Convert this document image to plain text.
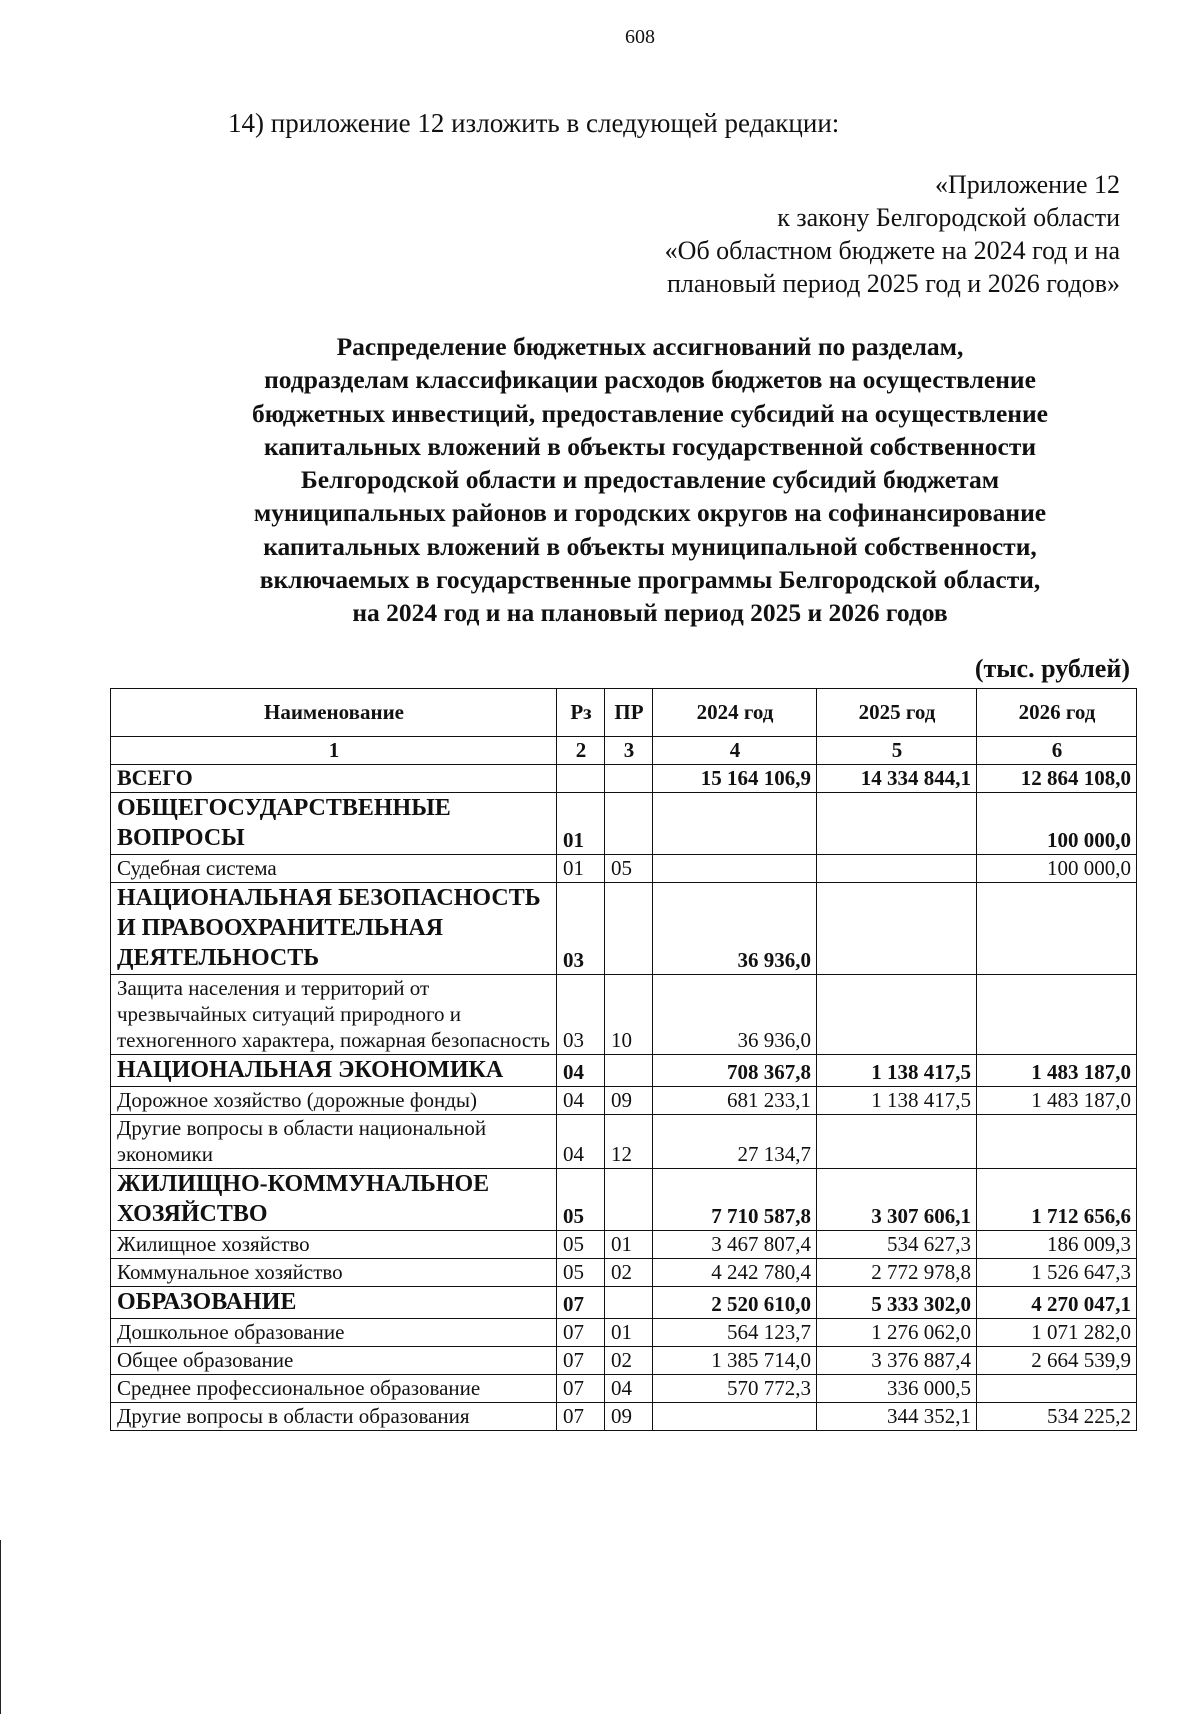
608
14) приложение 12 изложить в следующей редакции:
«Приложение 12
к закону Белгородской области
«Об областном бюджете на 2024 год и на
плановый период 2025 год и 2026 годов»
Распределение бюджетных ассигнований по разделам,
подразделам классификации расходов бюджетов на осуществление
бюджетных инвестиций, предоставление субсидий на осуществление
капитальных вложений в объекты государственной собственности
Белгородской области и предоставление субсидий бюджетам
муниципальных районов и городских округов на софинансирование
капитальных вложений в объекты муниципальной собственности,
включаемых в государственные программы Белгородской области,
на 2024 год и на плановый период 2025 и 2026 годов
(тыс. рублей)
Наименование	Рз	ПР	2024 год	2025 год	2026 год
1	2	3	4	5	6
ВСЕГО			15 164 106,9	14 334 844,1	12 864 108,0
ОБЩЕГОСУДАРСТВЕННЫЕ ВОПРОСЫ	01				100 000,0
Судебная система	01	05			100 000,0
НАЦИОНАЛЬНАЯ БЕЗОПАСНОСТЬ И ПРАВООХРАНИТЕЛЬНАЯ ДЕЯТЕЛЬНОСТЬ	03		36 936,0		
Защита населения и территорий от чрезвычайных ситуаций природного и техногенного характера, пожарная безопасность	03	10	36 936,0		
НАЦИОНАЛЬНАЯ ЭКОНОМИКА	04		708 367,8	1 138 417,5	1 483 187,0
Дорожное хозяйство (дорожные фонды)	04	09	681 233,1	1 138 417,5	1 483 187,0
Другие вопросы в области национальной экономики	04	12	27 134,7		
ЖИЛИЩНО-КОММУНАЛЬНОЕ ХОЗЯЙСТВО	05		7 710 587,8	3 307 606,1	1 712 656,6
Жилищное хозяйство	05	01	3 467 807,4	534 627,3	186 009,3
Коммунальное хозяйство	05	02	4 242 780,4	2 772 978,8	1 526 647,3
ОБРАЗОВАНИЕ	07		2 520 610,0	5 333 302,0	4 270 047,1
Дошкольное образование	07	01	564 123,7	1 276 062,0	1 071 282,0
Общее образование	07	02	1 385 714,0	3 376 887,4	2 664 539,9
Среднее профессиональное образование	07	04	570 772,3	336 000,5	
Другие вопросы в области образования	07	09		344 352,1	534 225,2
